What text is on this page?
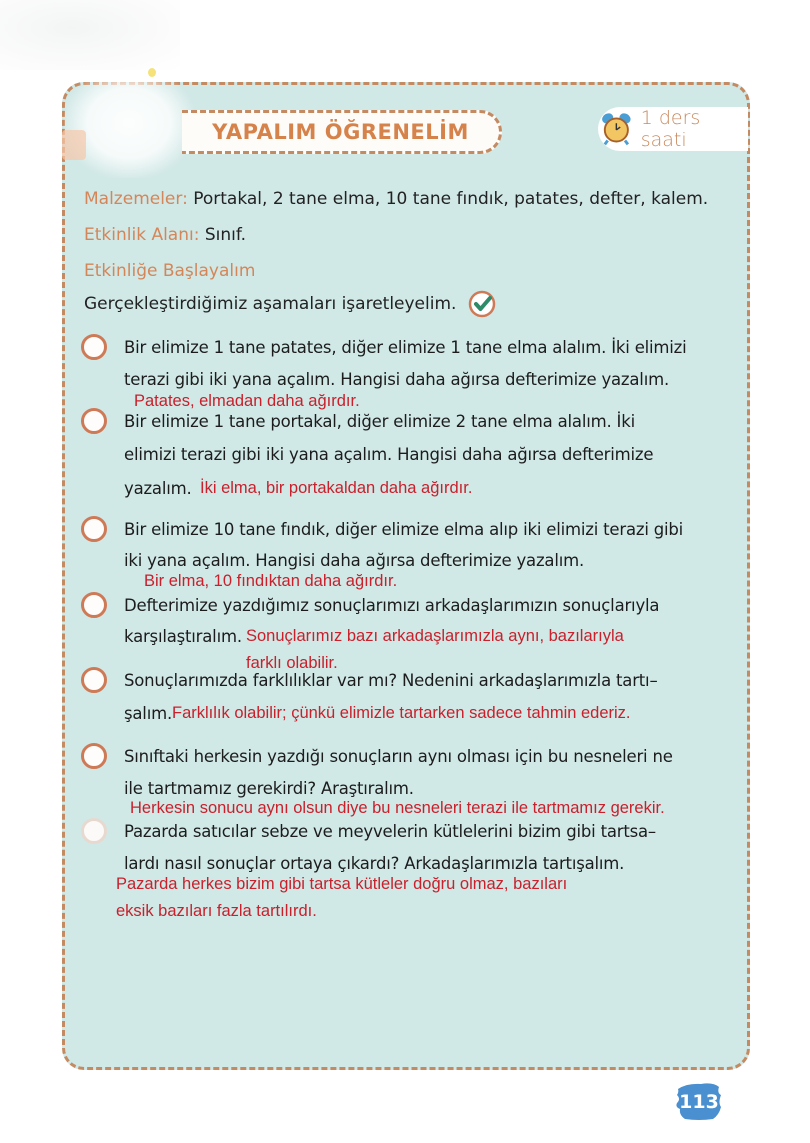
YAPALIM ÖĞRENELİM
1 ders saati
Malzemeler: Portakal, 2 tane elma, 10 tane fındık, patates, defter, kalem.
Etkinlik Alanı: Sınıf.
Etkinliğe Başlayalım
Gerçekleştirdiğimiz aşamaları işaretleyelim.
Bir elimize 1 tane patates, diğer elimize 1 tane elma alalım. İki elimizi
terazi gibi iki yana açalım. Hangisi daha ağırsa defterimize yazalım.
Patates, elmadan daha ağırdır.
Bir elimize 1 tane portakal, diğer elimize 2 tane elma alalım. İki
elimizi terazi gibi iki yana açalım. Hangisi daha ağırsa defterimize
yazalım. İki elma, bir portakaldan daha ağırdır.
Bir elimize 10 tane fındık, diğer elimize elma alıp iki elimizi terazi gibi
iki yana açalım. Hangisi daha ağırsa defterimize yazalım.
Bir elma, 10 fındıktan daha ağırdır.
Defterimize yazdığımız sonuçlarımızı arkadaşlarımızın sonuçlarıyla
karşılaştıralım. Sonuçlarımız bazı arkadaşlarımızla aynı, bazılarıyla
farklı olabilir.
Sonuçlarımızda farklılıklar var mı? Nedenini arkadaşlarımızla tartı–
şalım. Farklılık olabilir; çünkü elimizle tartarken sadece tahmin ederiz.
Sınıftaki herkesin yazdığı sonuçların aynı olması için bu nesneleri ne
ile tartmamız gerekirdi? Araştıralım.
Herkesin sonucu aynı olsun diye bu nesneleri terazi ile tartmamız gerekir.
Pazarda satıcılar sebze ve meyvelerin kütlelerini bizim gibi tartsa–
lardı nasıl sonuçlar ortaya çıkardı? Arkadaşlarımızla tartışalım.
Pazarda herkes bizim gibi tartsa kütleler doğru olmaz, bazıları
eksik bazıları fazla tartılırdı.
113
